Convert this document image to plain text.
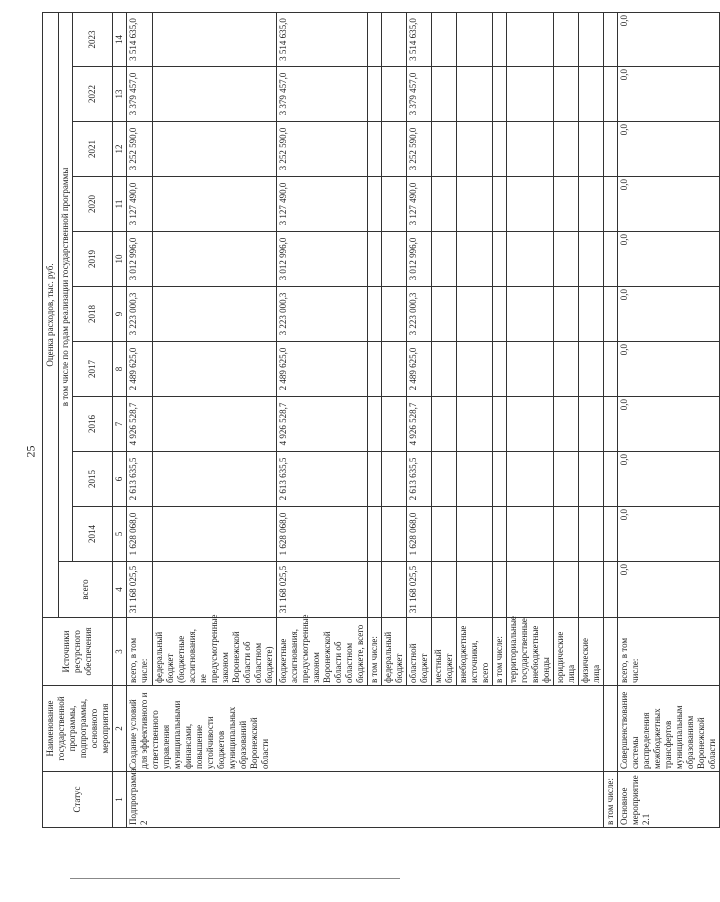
25
Статус	Наименование государственной программы, подпрограммы, основного мероприятия	Источники ресурсного обеспечения	Оценка расходов, тыс. руб.										
			всего	в том числе по годам реализации государственной программы									
				2014	2015	2016	2017	2018	2019	2020	2021	2022	2023
1	2	3	4	5	6	7	8	9	10	11	12	13	14
Подпрограмма 2	Создание условий для эффективного и ответственного управления муниципальными финансами, повышение устойчивости бюджетов муниципальных образований Воронежской области	всего, в том числе:	31 168 025,5	1 628 068,0	2 613 635,5	4 926 528,7	2 489 625,0	3 223 000,3	3 012 996,0	3 127 490,0	3 252 590,0	3 379 457,0	3 514 635,0
		федеральный бюджет (бюджетные ассигнования, не предусмотренные законом Воронежской области об областном бюджете)											
		бюджетные ассигнования, предусмотренные законом Воронежской области об областном бюджете, всего	31 168 025,5	1 628 068,0	2 613 635,5	4 926 528,7	2 489 625,0	3 223 000,3	3 012 996,0	3 127 490,0	3 252 590,0	3 379 457,0	3 514 635,0
		в том числе:											
		федеральный бюджет											
		областной бюджет	31 168 025,5	1 628 068,0	2 613 635,5	4 926 528,7	2 489 625,0	3 223 000,3	3 012 996,0	3 127 490,0	3 252 590,0	3 379 457,0	3 514 635,0
		местный бюджет											
		внебюджетные источники, всего											
		в том числе:											
		территориальные государственные внебюджетные фонды											
		юридические лица											
		физические лица											
в том числе:													
Основное мероприятие 2.1	Совершенствование системы распределения межбюджетных трансфертов муниципальным образованиям Воронежской области	всего, в том числе:	0,0	0,0	0,0	0,0	0,0	0,0	0,0	0,0	0,0	0,0	0,0
